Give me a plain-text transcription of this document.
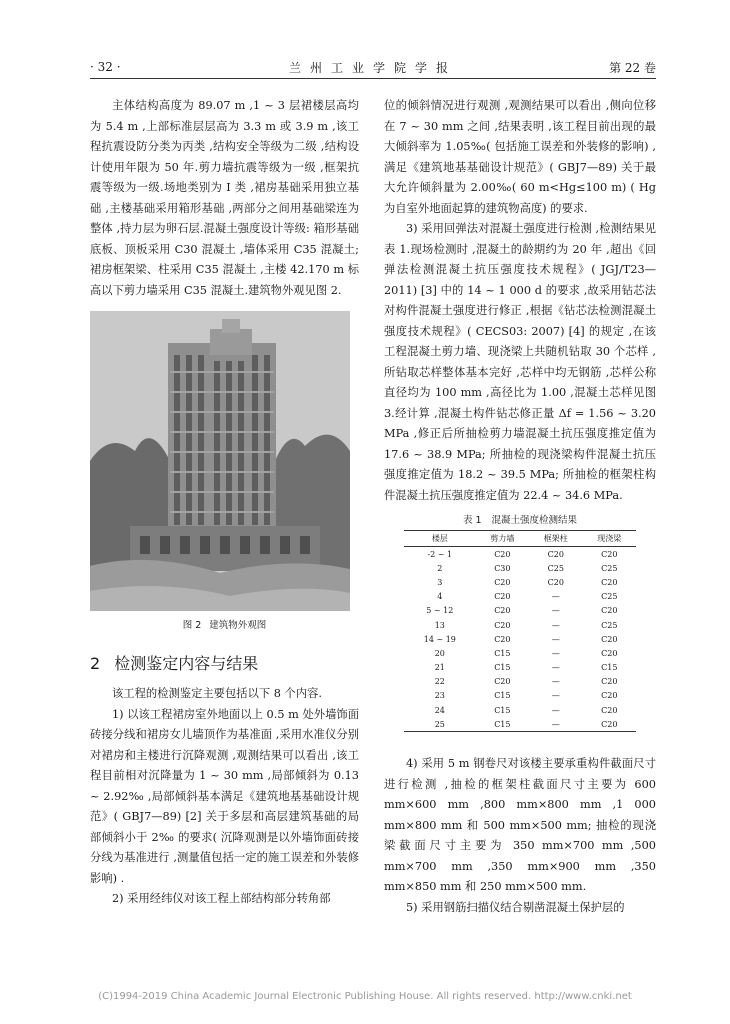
· 32 ·	兰州工业学院学报	第 22 卷

主体结构高度为 89.07 m ,1 ~ 3 层裙楼层高均为 5.4 m ,上部标准层层高为 3.3 m 或 3.9 m ,该工程抗震设防分类为丙类 ,结构安全等级为二级 ,结构设计使用年限为 50 年.剪力墙抗震等级为一级 ,框架抗震等级为一级.场地类别为 I 类 ,裙房基础采用独立基础 ,主楼基础采用箱形基础 ,两部分之间用基础梁连为整体 ,持力层为卵石层.混凝土强度设计等级: 箱形基础底板、顶板采用 C30 混凝土 ,墙体采用 C35 混凝土; 裙房框架梁、柱采用 C35 混凝土 ,主楼 42.170 m 标高以下剪力墙采用 C35 混凝土.建筑物外观见图 2.

图 2 建筑物外观图
2 检测鉴定内容与结果

该工程的检测鉴定主要包括以下 8 个内容.

1) 以该工程裙房室外地面以上 0.5 m 处外墙饰面砖接分线和裙房女儿墙顶作为基准面 ,采用水准仪分别对裙房和主楼进行沉降观测 ,观测结果可以看出 ,该工程目前相对沉降量为 1 ~ 30 mm ,局部倾斜为 0.13 ~ 2.92‰ ,局部倾斜基本满足《建筑地基基础设计规范》( GBJ7—89) [2] 关于多层和高层建筑基础的局部倾斜小于 2‰ 的要求( 沉降观测是以外墙饰面砖接分线为基准进行 ,测量值包括一定的施工误差和外装修影响) .

2) 采用经纬仪对该工程上部结构部分转角部

位的倾斜情况进行观测 ,观测结果可以看出 ,侧向位移在 7 ~ 30 mm 之间 ,结果表明 ,该工程目前出现的最大倾斜率为 1.05‰( 包括施工误差和外装修的影响) ,满足《建筑地基基础设计规范》( GBJ7—89) 关于最大允许倾斜量为 2.00‰( 60 m<Hg≤100 m) ( Hg 为自室外地面起算的建筑物高度) 的要求.

3) 采用回弹法对混凝土强度进行检测 ,检测结果见表 1.现场检测时 ,混凝土的龄期约为 20 年 ,超出《回弹法检测混凝土抗压强度技术规程》( JGJ/T23—2011) [3] 中的 14 ~ 1 000 d 的要求 ,故采用钻芯法对构件混凝土强度进行修正 ,根据《钻芯法检测混凝土强度技术规程》( CECS03: 2007) [4] 的规定 ,在该工程混凝土剪力墙、现浇梁上共随机钻取 30 个芯样 ,所钻取芯样整体基本完好 ,芯样中均无钢筋 ,芯样公称直径均为 100 mm ,高径比为 1.00 ,混凝土芯样见图 3.经计算 ,混凝土构件钻芯修正量 Δf = 1.56 ~ 3.20 MPa ,修正后所抽检剪力墙混凝土抗压强度推定值为 17.6 ~ 38.9 MPa; 所抽检的现浇梁构件混凝土抗压强度推定值为 18.2 ~ 39.5 MPa; 所抽检的框架柱构件混凝土抗压强度推定值为 22.4 ~ 34.6 MPa.

表 1 混凝土强度检测结果
楼层	剪力墙	框架柱	现浇梁
-2 ~ 1	C20	C20	C20
2	C30	C25	C25
3	C20	C20	C20
4	C20	—	C25
5 ~ 12	C20	—	C20
13	C20	—	C25
14 ~ 19	C20	—	C20
20	C15	—	C20
21	C15	—	C15
22	C20	—	C20
23	C15	—	C20
24	C15	—	C20
25	C15	—	C20

4) 采用 5 m 钢卷尺对该楼主要承重构件截面尺寸进行检测 ,抽检的框架柱截面尺寸主要为 600 mm×600 mm ,800 mm×800 mm ,1 000 mm×800 mm 和 500 mm×500 mm; 抽检的现浇梁截面尺寸主要为 350 mm×700 mm ,500 mm×700 mm ,350 mm×900 mm ,350 mm×850 mm 和 250 mm×500 mm.

5) 采用钢筋扫描仪结合剔凿混凝土保护层的

(C)1994-2019 China Academic Journal Electronic Publishing House. All rights reserved. http://www.cnki.net
